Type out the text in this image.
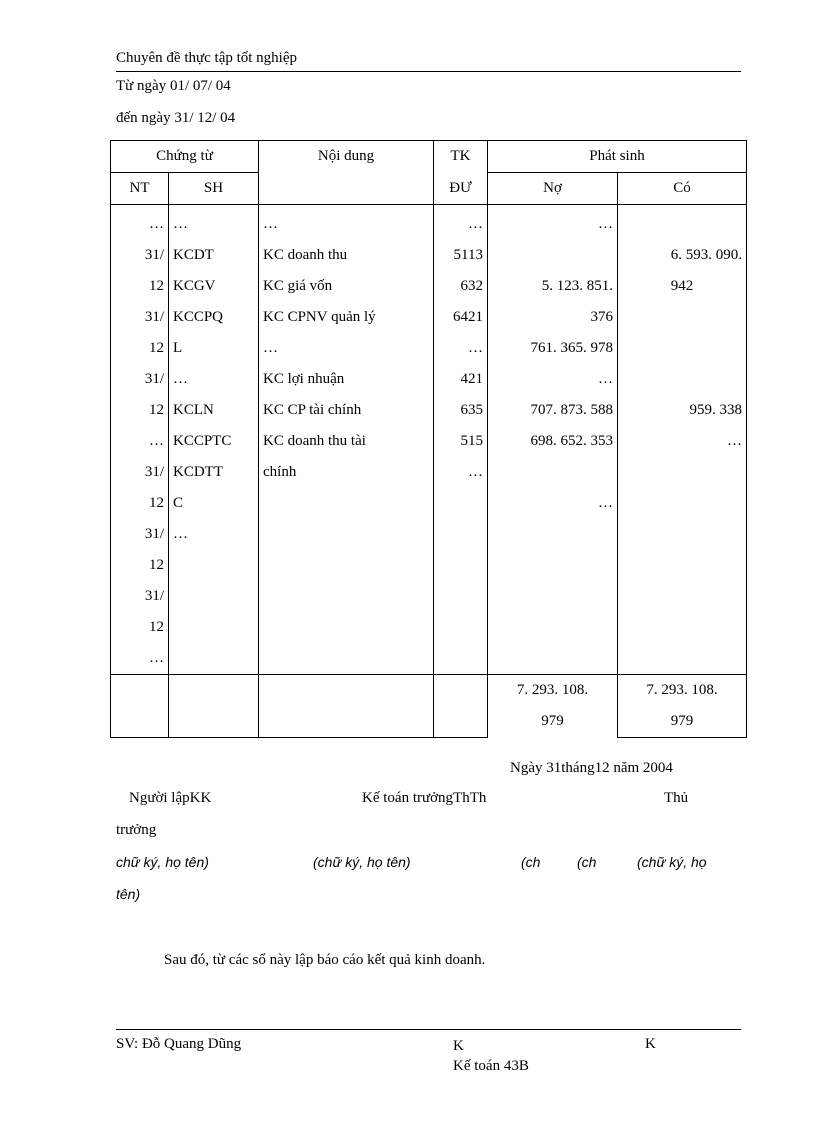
Chuyên đề thực tập tốt nghiệp
Từ ngày 01/ 07/ 04
đến ngày 31/ 12/ 04
Chứng từ		Nội dung	TK	Phát sinh	
NT	SH		ĐƯ	Nợ	Có
…	…	…	…	…	
31/	KCDT	KC doanh thu	5113		6. 593. 090.
12	KCGV	KC giá vốn	632	5. 123. 851.	942
31/	KCCPQ	KC CPNV quản lý	6421	376	
12	L	…	…	761. 365. 978	
31/	…	KC lợi nhuận	421	…	
12	KCLN	KC CP tài chính	635	707. 873. 588	959. 338
…	KCCPTC	KC doanh thu tài	515	698. 652. 353	…
31/	KCDTT	chính	…		
12	C			…	
31/	…				
12					
31/					
12					
…					
				7. 293. 108.	7. 293. 108.
				979	979
Ngày 31tháng12 năm 2004
Người lậpKK	Kế toán trưởngThTh	Thủ
trưởng
chữ ký, họ tên)	(chữ ký, họ tên)	(ch	(ch	(chữ ký, họ
tên)
Sau đó, từ các sổ này lập báo cáo kết quả kinh doanh.
SV: Đỗ Quang Dũng	K
Kế toán 43B
K
